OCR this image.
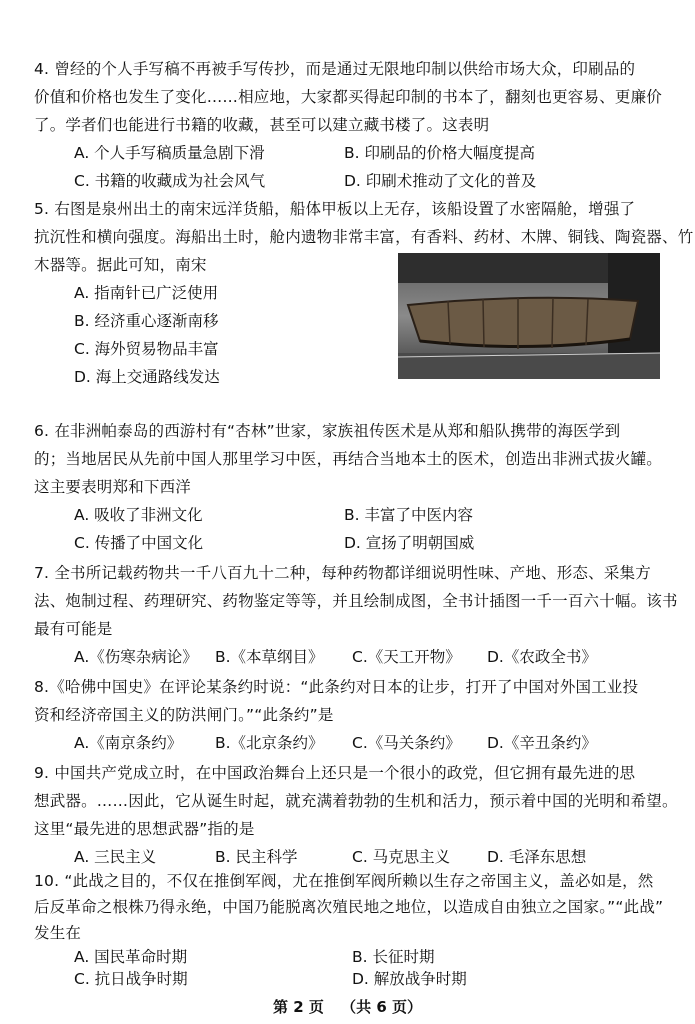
4. 曾经的个人手写稿不再被手写传抄，而是通过无限地印制以供给市场大众，印刷品的
价值和价格也发生了变化……相应地，大家都买得起印制的书本了，翻刻也更容易、更廉价
了。学者们也能进行书籍的收藏，甚至可以建立藏书楼了。这表明
A. 个人手写稿质量急剧下滑	B. 印刷品的价格大幅度提高
C. 书籍的收藏成为社会风气	D. 印刷术推动了文化的普及
5. 右图是泉州出土的南宋远洋货船，船体甲板以上无存，该船设置了水密隔舱，增强了
抗沉性和横向强度。海船出土时，舱内遗物非常丰富，有香料、药材、木牌、铜钱、陶瓷器、竹
木器等。据此可知，南宋
A. 指南针已广泛使用
B. 经济重心逐渐南移
C. 海外贸易物品丰富
D. 海上交通路线发达
6. 在非洲帕泰岛的西游村有“杏林”世家，家族祖传医术是从郑和船队携带的海医学到
的；当地居民从先前中国人那里学习中医，再结合当地本土的医术，创造出非洲式拔火罐。
这主要表明郑和下西洋
A. 吸收了非洲文化	B. 丰富了中医内容
C. 传播了中国文化	D. 宣扬了明朝国威
7. 全书所记载药物共一千八百九十二种，每种药物都详细说明性味、产地、形态、采集方
法、炮制过程、药理研究、药物鉴定等等，并且绘制成图，全书计插图一千一百六十幅。该书
最有可能是
A.《伤寒杂病论》 B.《本草纲目》 C.《天工开物》 D.《农政全书》
8.《哈佛中国史》在评论某条约时说：“此条约对日本的让步，打开了中国对外国工业投
资和经济帝国主义的防洪闸门。”“此条约”是
A.《南京条约》 B.《北京条约》 C.《马关条约》 D.《辛丑条约》
9. 中国共产党成立时，在中国政治舞台上还只是一个很小的政党，但它拥有最先进的思
想武器。……因此，它从诞生时起，就充满着勃勃的生机和活力，预示着中国的光明和希望。
这里“最先进的思想武器”指的是
A. 三民主义	B. 民主科学	C. 马克思主义 D. 毛泽东思想
10. “此战之目的，不仅在推倒军阀，尤在推倒军阀所赖以生存之帝国主义，盖必如是，然
后反革命之根株乃得永绝，中国乃能脱离次殖民地之地位，以造成自由独立之国家。”“此战”
发生在
A. 国民革命时期	B. 长征时期
第 2 页 （共 6 页）
C. 抗日战争时期	D. 解放战争时期
